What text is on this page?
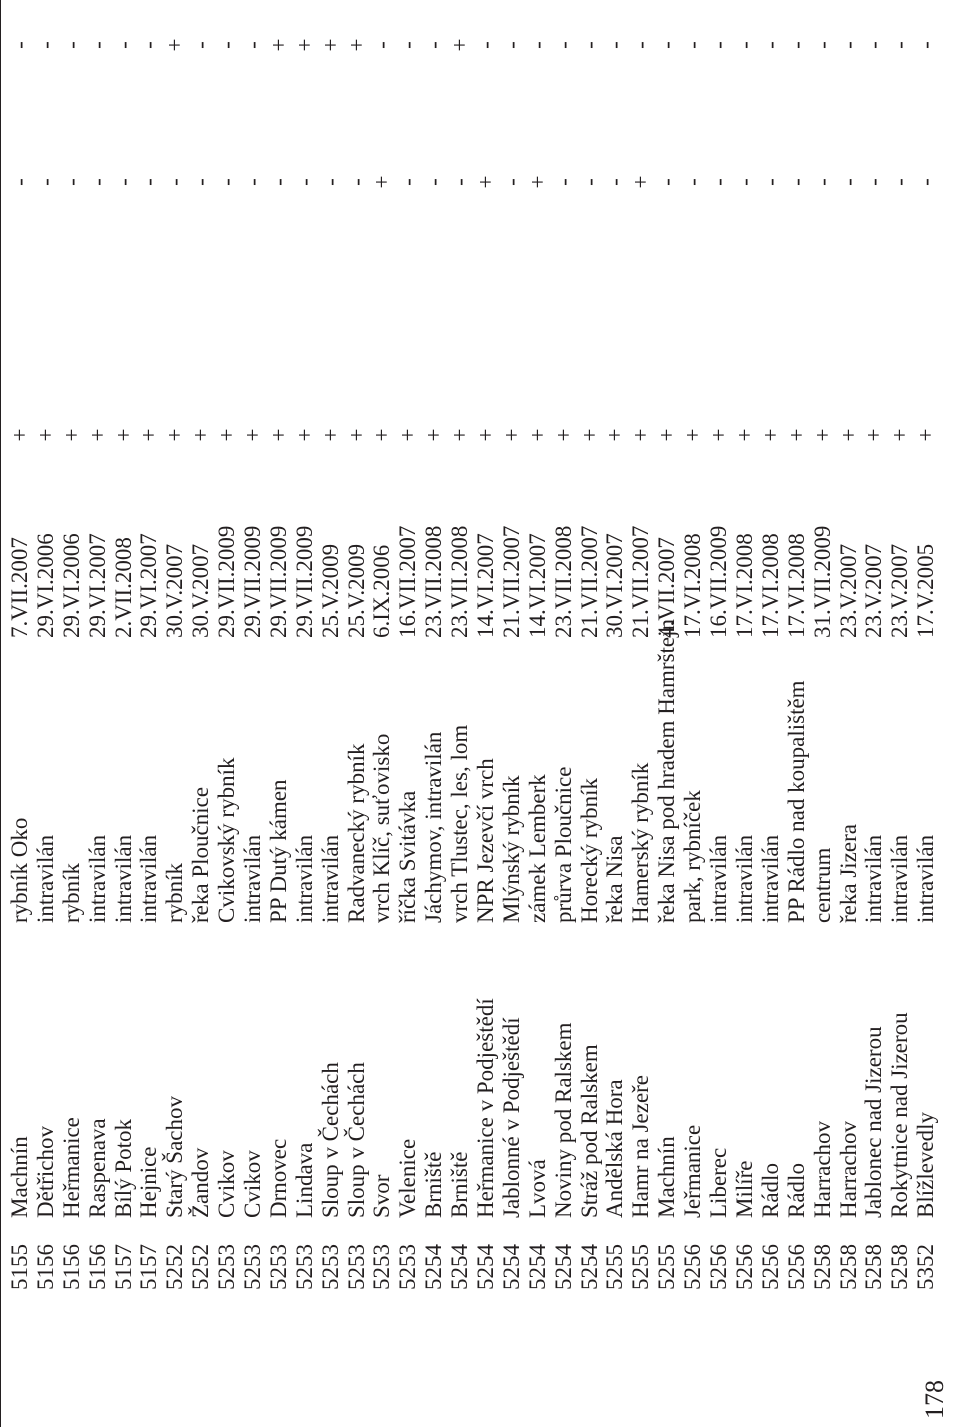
5155
Machnín
rybník Oko
7.VII.2007
+
-
-
5156
Dětřichov
intravilán
29.VI.2006
+
-
-
5156
Heřmanice
rybník
29.VI.2006
+
-
-
5156
Raspenava
intravilán
29.VI.2007
+
-
-
5157
Bílý Potok
intravilán
2.VII.2008
+
-
-
5157
Hejnice
intravilán
29.VI.2007
+
-
-
5252
Starý Šachov
rybník
30.V.2007
+
-
+
5252
Žandov
řeka Ploučnice
30.V.2007
+
-
-
5253
Cvikov
Cvikovský rybník
29.VII.2009
+
-
-
5253
Cvikov
intravilán
29.VII.2009
+
-
-
5253
Drnovec
PP Dutý kámen
29.VII.2009
+
-
+
5253
Lindava
intravilán
29.VII.2009
+
-
+
5253
Sloup v Čechách
intravilán
25.V.2009
+
-
+
5253
Sloup v Čechách
Radvanecký rybník
25.V.2009
+
-
+
5253
Svor
vrch Klíč, suťovisko
6.IX.2006
+
+
-
5253
Velenice
říčka Svitávka
16.VII.2007
+
-
-
5254
Brniště
Jáchymov, intravilán
23.VII.2008
+
-
-
5254
Brniště
vrch Tlustec, les, lom
23.VII.2008
+
-
+
5254
Heřmanice v Podještědí
NPR Jezevčí vrch
14.VI.2007
+
+
-
5254
Jablonné v Podještědí
Mlýnský rybník
21.VII.2007
+
-
-
5254
Lvová
zámek Lemberk
14.VI.2007
+
+
-
5254
Noviny pod Ralskem
průrva Ploučnice
23.VII.2008
+
-
-
5254
Stráž pod Ralskem
Horecký rybník
21.VII.2007
+
-
-
5255
Andělská Hora
řeka Nisa
30.VI.2007
+
-
-
5255
Hamr na Jezeře
Hamerský rybník
21.VII.2007
+
+
-
5255
Machnín
řeka Nisa pod hradem Hamrštejn
4.VII.2007
+
-
-
5256
Jeřmanice
park, rybníček
17.VI.2008
+
-
-
5256
Liberec
intravilán
16.VII.2009
+
-
-
5256
Milíře
intravilán
17.VI.2008
+
-
-
5256
Rádlo
intravilán
17.VI.2008
+
-
-
5256
Rádlo
PP Rádlo nad koupalištěm
17.VI.2008
+
-
-
5258
Harrachov
centrum
31.VII.2009
+
-
-
5258
Harrachov
řeka Jizera
23.V.2007
+
-
-
5258
Jablonec nad Jizerou
intravilán
23.V.2007
+
-
-
5258
Rokytnice nad Jizerou
intravilán
23.V.2007
+
-
-
5352
Blížlevedly
intravilán
17.V.2005
+
-
-
178
